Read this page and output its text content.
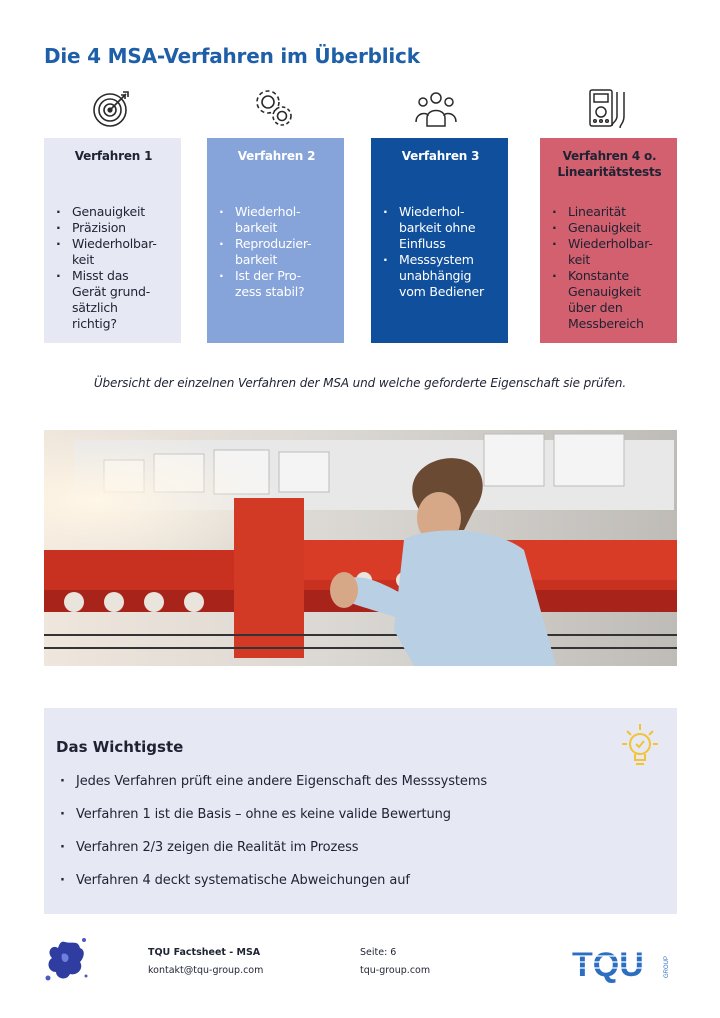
Die 4 MSA-Verfahren im Überblick
Verfahren 1
· Genauigkeit
· Präzision
· Wiederholbar-
keit
· Misst das
Gerät grund-
sätzlich
richtig?
Verfahren 2
· Wiederhol-
barkeit
· Reproduzier-
barkeit
· Ist der Pro-
zess stabil?
Verfahren 3
· Wiederhol-
barkeit ohne
Einfluss
· Messsystem
unabhängig
vom Bediener
Verfahren 4 o.
Linearitätstests
· Linearität
· Genauigkeit
· Wiederholbar-
keit
· Konstante
Genauigkeit
über den
Messbereich
Übersicht der einzelnen Verfahren der MSA und welche geforderte Eigenschaft sie prüfen.
Das Wichtigste
· Jedes Verfahren prüft eine andere Eigenschaft des Messsystems
· Verfahren 1 ist die Basis – ohne es keine valide Bewertung
· Verfahren 2/3 zeigen die Realität im Prozess
· Verfahren 4 deckt systematische Abweichungen auf
TQU Factsheet - MSA
kontakt@tqu-group.com
Seite: 6
tqu-group.com	TQU	GROUP
